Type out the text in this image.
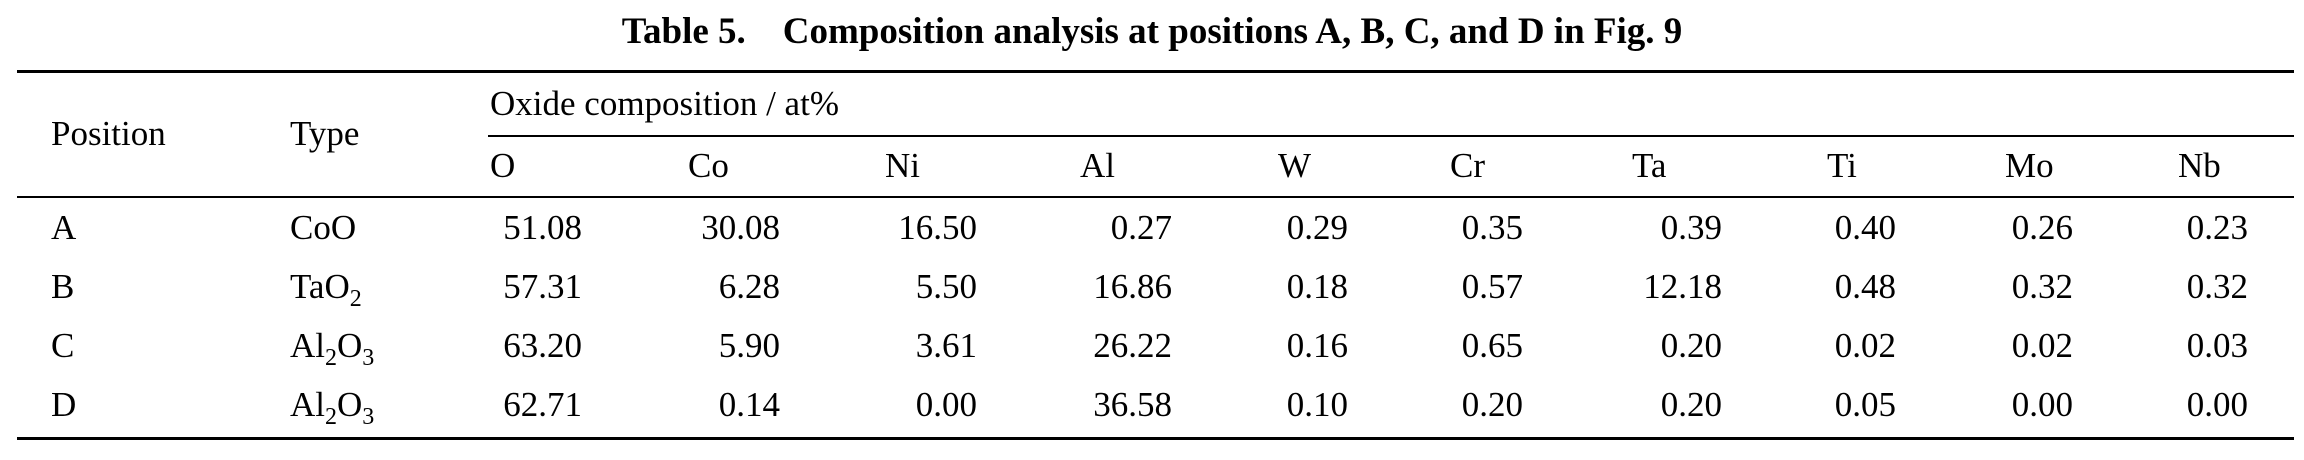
Table 5. Composition analysis at positions A, B, C, and D in Fig. 9
Position	Type
Oxide composition / at%
O	Co	Ni	Al	W	Cr	Ta	Ti	Mo	Nb
A	CoO	51.08	30.08	16.50	0.27	0.29	0.35	0.39	0.40	0.26	0.23
B	TaO$_2$	57.31	6.28	5.50	16.86	0.18	0.57	12.18	0.48	0.32	0.32
C	$Al_2O_3$	63.20	5.90	3.61	26.22	0.16	0.65	0.20	0.02	0.02	0.03
D	$Al_2O_3$	62.71	0.14	0.00	36.58	0.10	0.20	0.20	0.05	0.00	0.00
